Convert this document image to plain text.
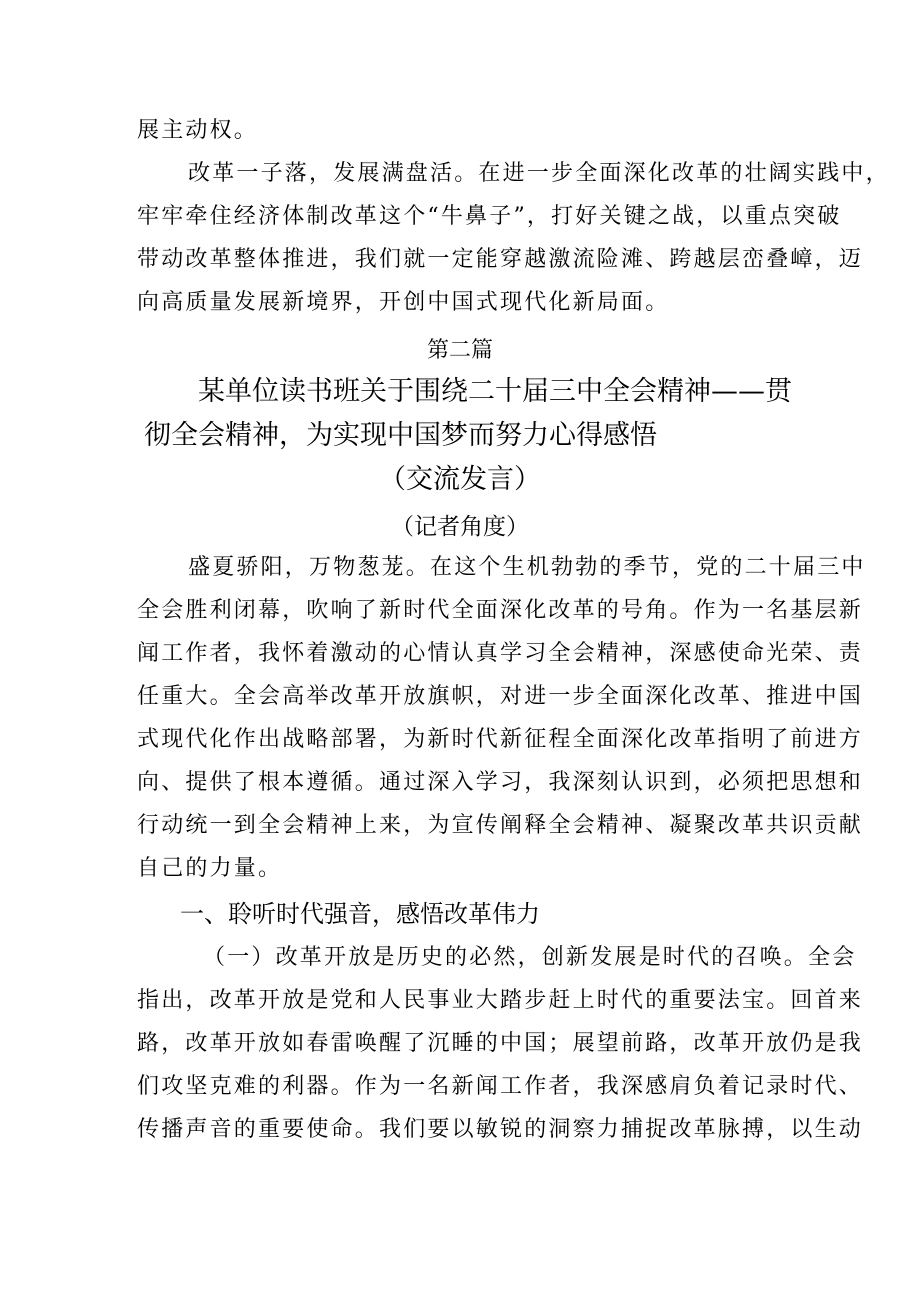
展主动权。
改革一子落，发展满盘活。在进一步全面深化改革的壮阔实践中，
牢牢牵住经济体制改革这个“牛鼻子”，打好关键之战，以重点突破
带动改革整体推进，我们就一定能穿越激流险滩、跨越层峦叠嶂，迈
向高质量发展新境界，开创中国式现代化新局面。
第二篇
某单位读书班关于围绕二十届三中全会精神——贯
彻全会精神，为实现中国梦而努力心得感悟
（交流发言）
（记者角度）
盛夏骄阳，万物葱茏。在这个生机勃勃的季节，党的二十届三中
全会胜利闭幕，吹响了新时代全面深化改革的号角。作为一名基层新
闻工作者，我怀着激动的心情认真学习全会精神，深感使命光荣、责
任重大。全会高举改革开放旗帜，对进一步全面深化改革、推进中国
式现代化作出战略部署，为新时代新征程全面深化改革指明了前进方
向、提供了根本遵循。通过深入学习，我深刻认识到，必须把思想和
行动统一到全会精神上来，为宣传阐释全会精神、凝聚改革共识贡献
自己的力量。
一、聆听时代强音，感悟改革伟力
（一）改革开放是历史的必然，创新发展是时代的召唤。全会
指出，改革开放是党和人民事业大踏步赶上时代的重要法宝。回首来
路，改革开放如春雷唤醒了沉睡的中国；展望前路，改革开放仍是我
们攻坚克难的利器。作为一名新闻工作者，我深感肩负着记录时代、
传播声音的重要使命。我们要以敏锐的洞察力捕捉改革脉搏，以生动
